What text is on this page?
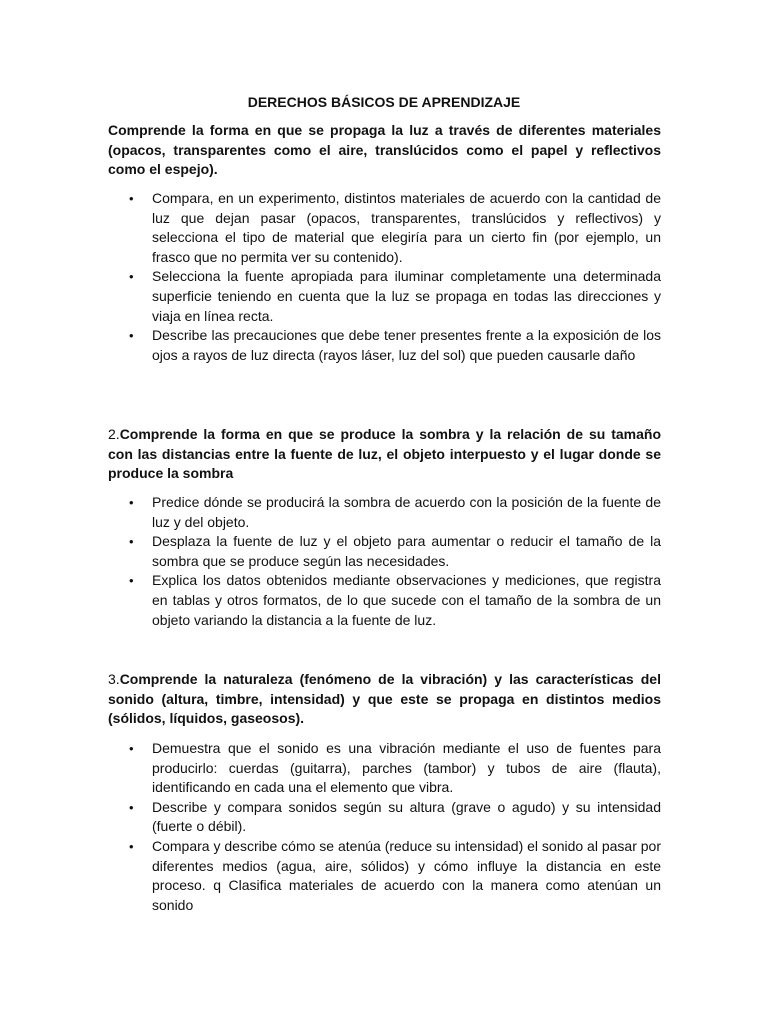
DERECHOS BÁSICOS DE APRENDIZAJE

Comprende la forma en que se propaga la luz a través de diferentes materiales (opacos, transparentes como el aire, translúcidos como el papel y reflectivos como el espejo).

• Compara, en un experimento, distintos materiales de acuerdo con la cantidad de luz que dejan pasar (opacos, transparentes, translúcidos y reflectivos) y selecciona el tipo de material que elegiría para un cierto fin (por ejemplo, un frasco que no permita ver su contenido).
• Selecciona la fuente apropiada para iluminar completamente una determinada superficie teniendo en cuenta que la luz se propaga en todas las direcciones y viaja en línea recta.
• Describe las precauciones que debe tener presentes frente a la exposición de los ojos a rayos de luz directa (rayos láser, luz del sol) que pueden causarle daño

2.Comprende la forma en que se produce la sombra y la relación de su tamaño con las distancias entre la fuente de luz, el objeto interpuesto y el lugar donde se produce la sombra

• Predice dónde se producirá la sombra de acuerdo con la posición de la fuente de luz y del objeto.
• Desplaza la fuente de luz y el objeto para aumentar o reducir el tamaño de la sombra que se produce según las necesidades.
• Explica los datos obtenidos mediante observaciones y mediciones, que registra en tablas y otros formatos, de lo que sucede con el tamaño de la sombra de un objeto variando la distancia a la fuente de luz.

3.Comprende la naturaleza (fenómeno de la vibración) y las características del sonido (altura, timbre, intensidad) y que este se propaga en distintos medios (sólidos, líquidos, gaseosos).

• Demuestra que el sonido es una vibración mediante el uso de fuentes para producirlo: cuerdas (guitarra), parches (tambor) y tubos de aire (flauta), identificando en cada una el elemento que vibra.
• Describe y compara sonidos según su altura (grave o agudo) y su intensidad (fuerte o débil).
• Compara y describe cómo se atenúa (reduce su intensidad) el sonido al pasar por diferentes medios (agua, aire, sólidos) y cómo influye la distancia en este proceso. q Clasifica materiales de acuerdo con la manera como atenúan un sonido
